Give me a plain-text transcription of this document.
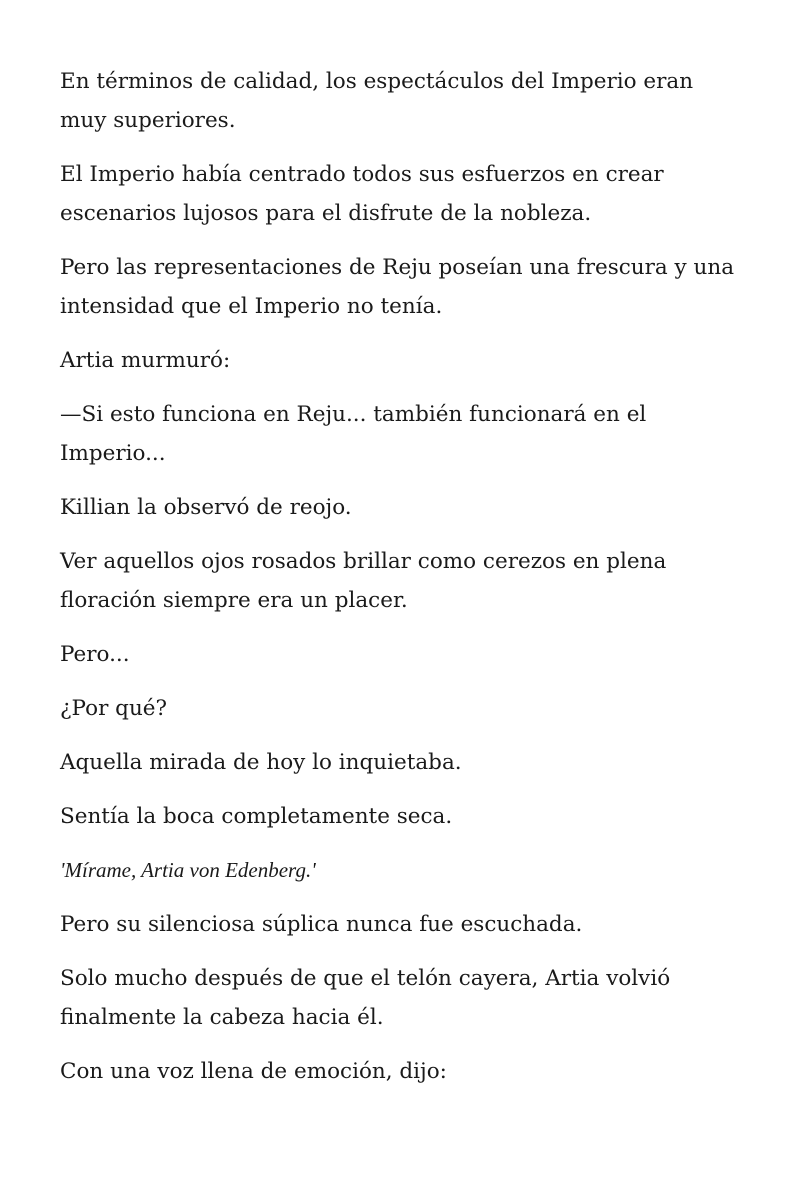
En términos de calidad, los espectáculos del Imperio eran muy superiores.

El Imperio había centrado todos sus esfuerzos en crear escenarios lujosos para el disfrute de la nobleza.

Pero las representaciones de Reju poseían una frescura y una intensidad que el Imperio no tenía.

Artia murmuró:

—Si esto funciona en Reju... también funcionará en el Imperio...

Killian la observó de reojo.

Ver aquellos ojos rosados brillar como cerezos en plena floración siempre era un placer.

Pero...

¿Por qué?

Aquella mirada de hoy lo inquietaba.

Sentía la boca completamente seca.

'Mírame, Artia von Edenberg.'

Pero su silenciosa súplica nunca fue escuchada.

Solo mucho después de que el telón cayera, Artia volvió finalmente la cabeza hacia él.

Con una voz llena de emoción, dijo:
